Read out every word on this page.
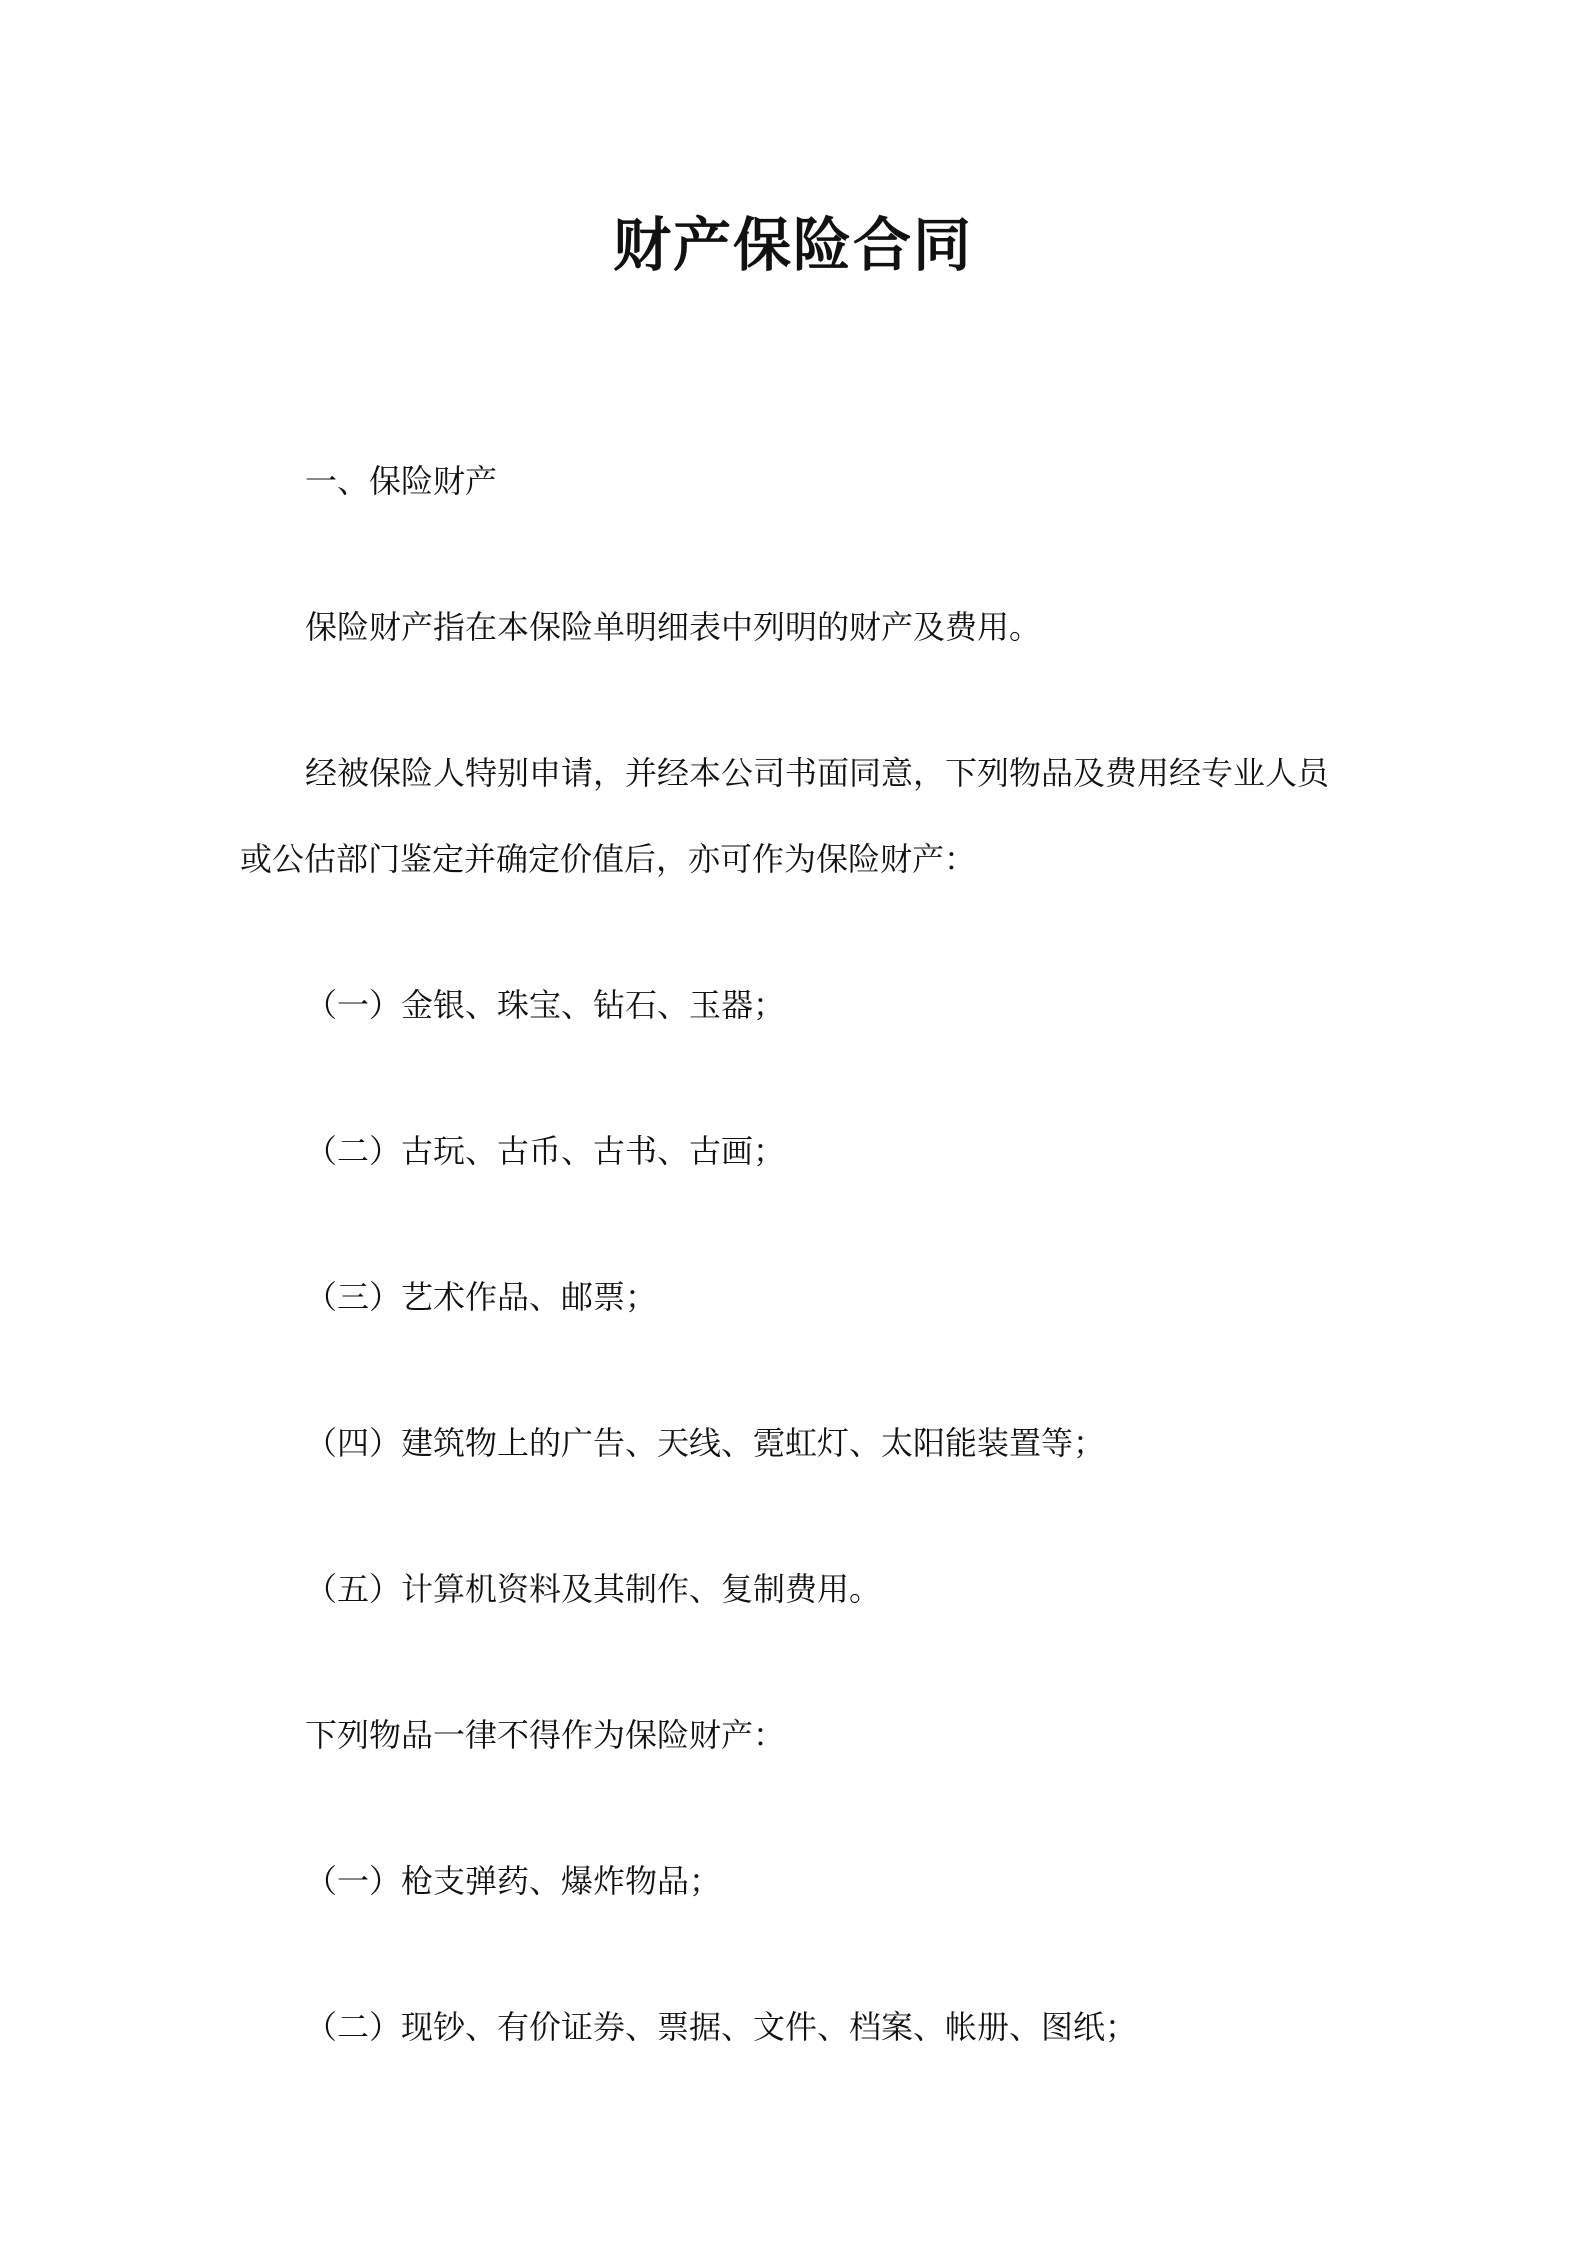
财产保险合同

一、保险财产

保险财产指在本保险单明细表中列明的财产及费用。

经被保险人特别申请，并经本公司书面同意，下列物品及费用经专业人员

或公估部门鉴定并确定价值后，亦可作为保险财产：

（一）金银、珠宝、钻石、玉器；

（二）古玩、古币、古书、古画；

（三）艺术作品、邮票；

（四）建筑物上的广告、天线、霓虹灯、太阳能装置等；

（五）计算机资料及其制作、复制费用。

下列物品一律不得作为保险财产：

（一）枪支弹药、爆炸物品；

（二）现钞、有价证券、票据、文件、档案、帐册、图纸；
